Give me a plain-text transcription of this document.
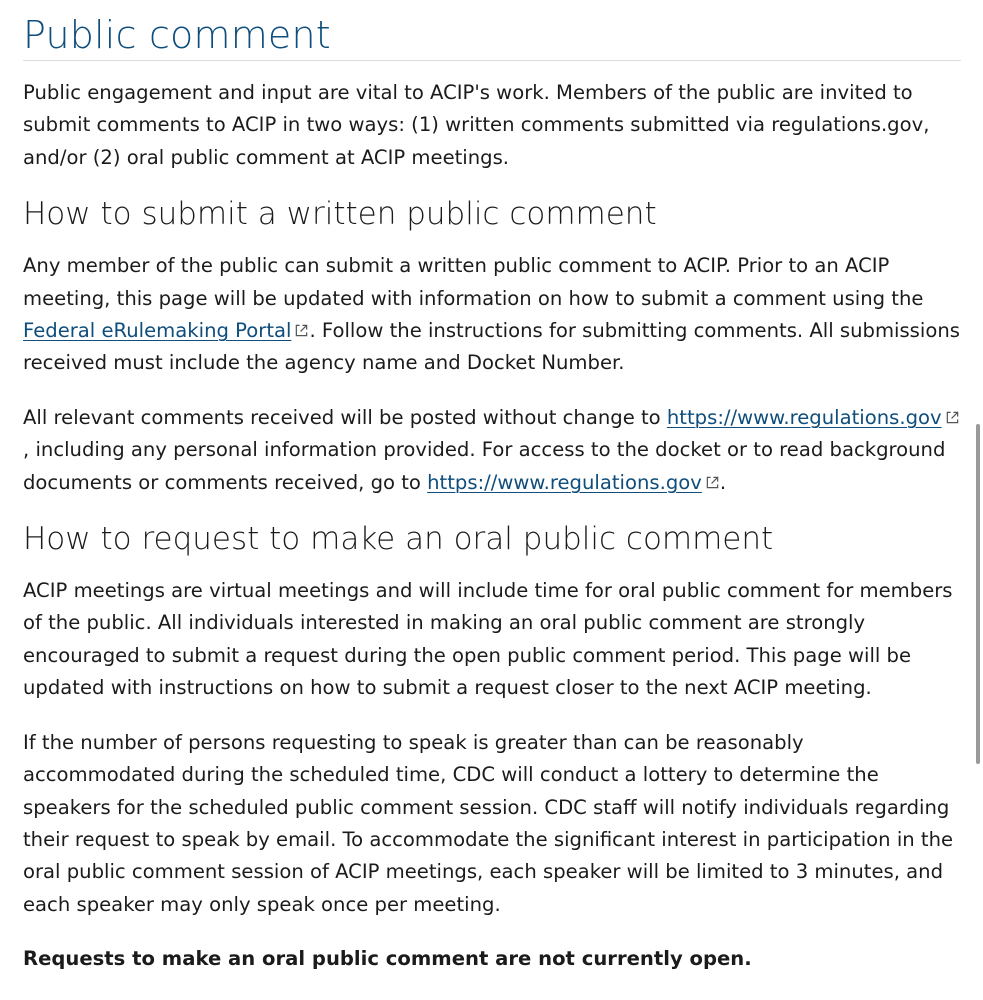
Public comment

Public engagement and input are vital to ACIP's work. Members of the public are invited to submit comments to ACIP in two ways: (1) written comments submitted via regulations.gov, and/or (2) oral public comment at ACIP meetings.

How to submit a written public comment

Any member of the public can submit a written public comment to ACIP. Prior to an ACIP meeting, this page will be updated with information on how to submit a comment using the Federal eRulemaking Portal . Follow the instructions for submitting comments. All submissions received must include the agency name and Docket Number.

All relevant comments received will be posted without change to https://www.regulations.gov, including any personal information provided. For access to the docket or to read background documents or comments received, go to https://www.regulations.gov .

How to request to make an oral public comment

ACIP meetings are virtual meetings and will include time for oral public comment for members of the public. All individuals interested in making an oral public comment are strongly encouraged to submit a request during the open public comment period. This page will be updated with instructions on how to submit a request closer to the next ACIP meeting.

If the number of persons requesting to speak is greater than can be reasonably accommodated during the scheduled time, CDC will conduct a lottery to determine the speakers for the scheduled public comment session. CDC staff will notify individuals regarding their request to speak by email. To accommodate the significant interest in participation in the oral public comment session of ACIP meetings, each speaker will be limited to 3 minutes, and each speaker may only speak once per meeting.

Requests to make an oral public comment are not currently open.
